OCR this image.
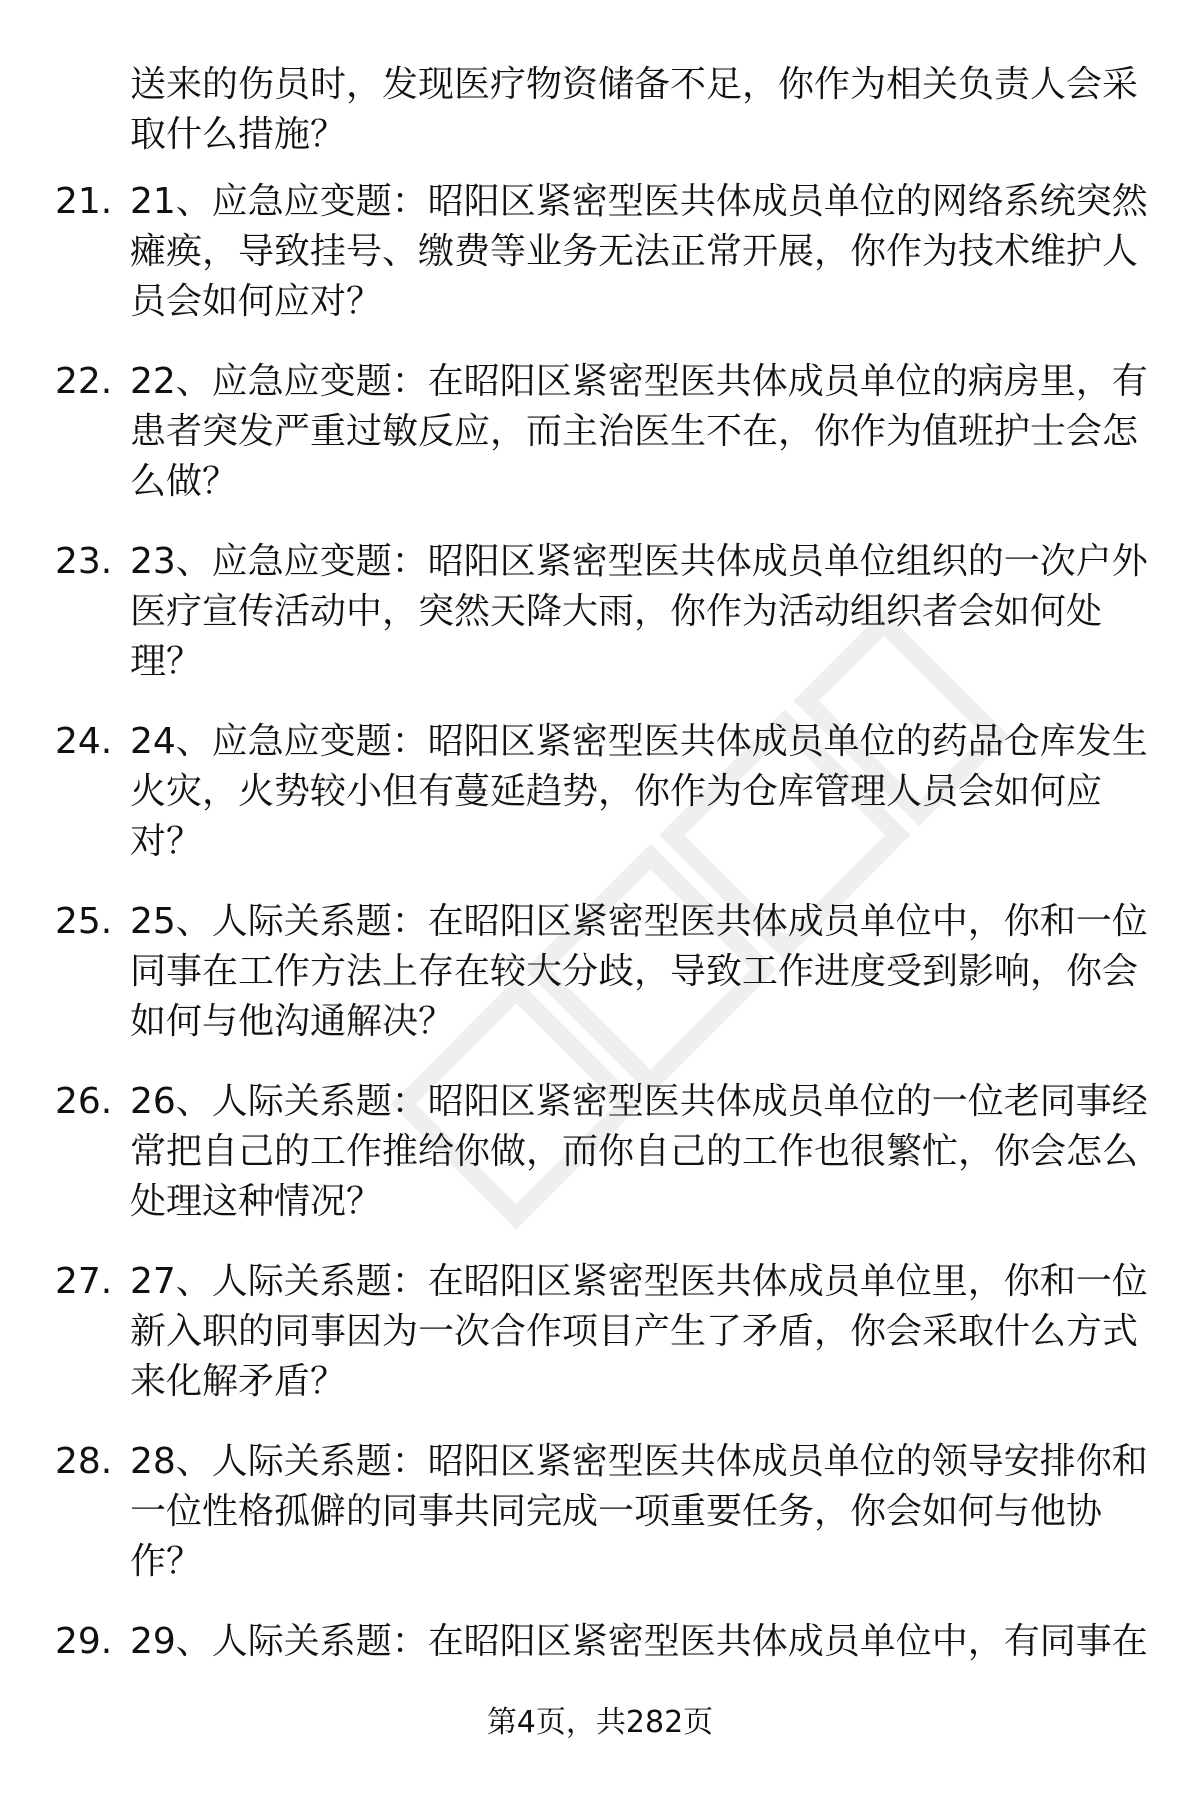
送来的伤员时，发现医疗物资储备不足，你作为相关负责人会采取什么措施？
21. 21、应急应变题：昭阳区紧密型医共体成员单位的网络系统突然瘫痪，导致挂号、缴费等业务无法正常开展，你作为技术维护人员会如何应对？
22. 22、应急应变题：在昭阳区紧密型医共体成员单位的病房里，有患者突发严重过敏反应，而主治医生不在，你作为值班护士会怎么做？
23. 23、应急应变题：昭阳区紧密型医共体成员单位组织的一次户外医疗宣传活动中，突然天降大雨，你作为活动组织者会如何处理？
24. 24、应急应变题：昭阳区紧密型医共体成员单位的药品仓库发生火灾，火势较小但有蔓延趋势，你作为仓库管理人员会如何应对？
25. 25、人际关系题：在昭阳区紧密型医共体成员单位中，你和一位同事在工作方法上存在较大分歧，导致工作进度受到影响，你会如何与他沟通解决？
26. 26、人际关系题：昭阳区紧密型医共体成员单位的一位老同事经常把自己的工作推给你做，而你自己的工作也很繁忙，你会怎么处理这种情况？
27. 27、人际关系题：在昭阳区紧密型医共体成员单位里，你和一位新入职的同事因为一次合作项目产生了矛盾，你会采取什么方式来化解矛盾？
28. 28、人际关系题：昭阳区紧密型医共体成员单位的领导安排你和一位性格孤僻的同事共同完成一项重要任务，你会如何与他协作？
29. 29、人际关系题：在昭阳区紧密型医共体成员单位中，有同事在
第4页，共282页
